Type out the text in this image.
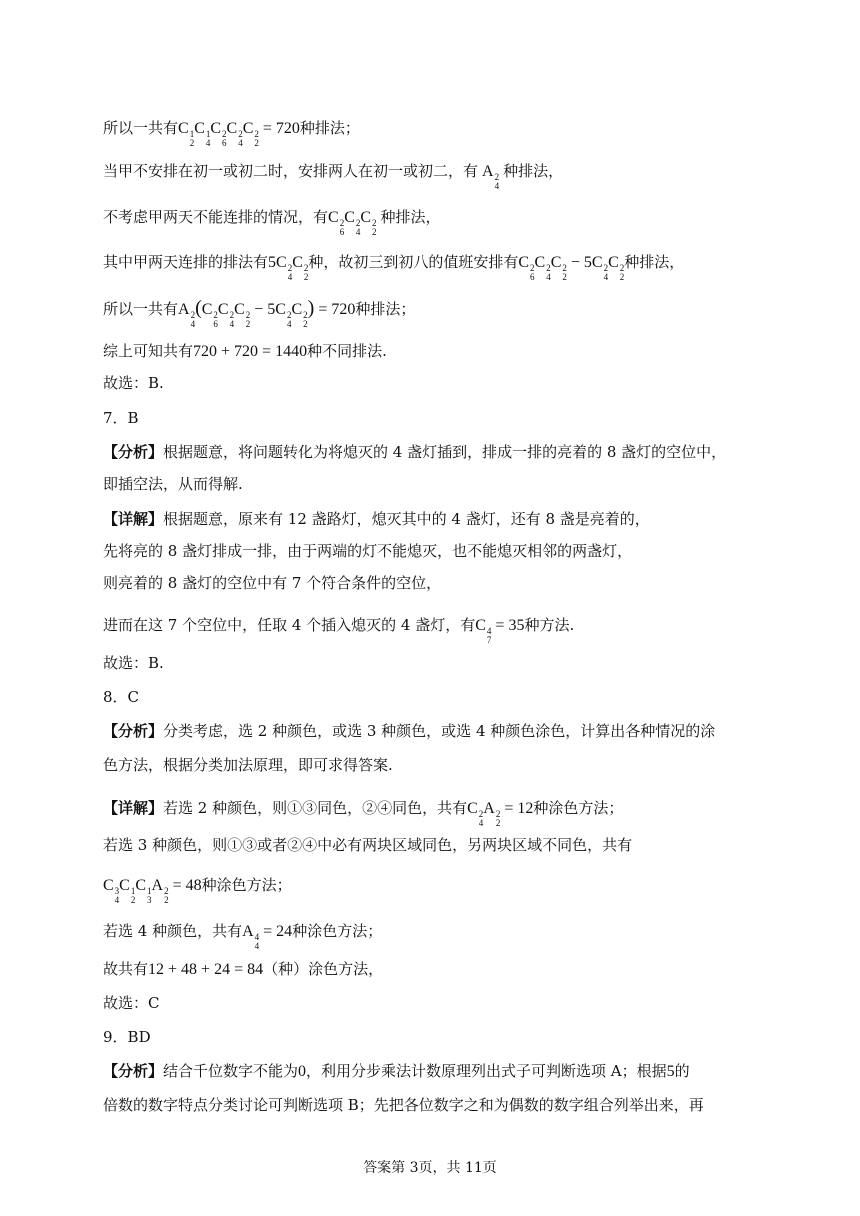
所以一共有C 1
2
C 1
4
C 2
6
C 2
4
C 2
2
= 720种排法；
当甲不安排在初一或初二时，安排两人在初一或初二，有 A 2
4
种排法，
不考虑甲两天不能连排的情况，有C 2
6
C 2
4
C 2
2
种排法，
其中甲两天连排的排法有5C 2
4
C 2
2
种，故初三到初八的值班安排有C 2
6
C 2
4
C 2
2
− 5C 2
4
C 2
2
种排法，
所以一共有A 2
4
(C 2
6
C 2
4
C 2
2
− 5C 2
4
C 2
2
) = 720种排法；
综上可知共有720 + 720 = 1440种不同排法.
故选：B.
7．B
【分析】根据题意，将问题转化为将熄灭的 4 盏灯插到，排成一排的亮着的 8 盏灯的空位中，
即插空法，从而得解.
【详解】根据题意，原来有 12 盏路灯，熄灭其中的 4 盏灯，还有 8 盏是亮着的，
先将亮的 8 盏灯排成一排，由于两端的灯不能熄灭，也不能熄灭相邻的两盏灯，
则亮着的 8 盏灯的空位中有 7 个符合条件的空位，
进而在这 7 个空位中，任取 4 个插入熄灭的 4 盏灯，有C 4
7
= 35种方法.
故选：B.
8．C
【分析】分类考虑，选 2 种颜色，或选 3 种颜色，或选 4 种颜色涂色，计算出各种情况的涂
色方法，根据分类加法原理，即可求得答案.
【详解】若选 2 种颜色，则①③同色，②④同色，共有C 2
4
A 2
2
= 12种涂色方法；
若选 3 种颜色，则①③或者②④中必有两块区域同色，另两块区域不同色，共有
C 3
4
C 1
2
C 1
3
A 2
2
= 48种涂色方法；
若选 4 种颜色，共有A 4
4
= 24种涂色方法；
故共有12 + 48 + 24 = 84（种）涂色方法，
故选：C
9．BD
【分析】结合千位数字不能为0，利用分步乘法计数原理列出式子可判断选项 A；根据5的
倍数的数字特点分类讨论可判断选项 B；先把各位数字之和为偶数的数字组合列举出来，再
答案第 3页，共 11页
